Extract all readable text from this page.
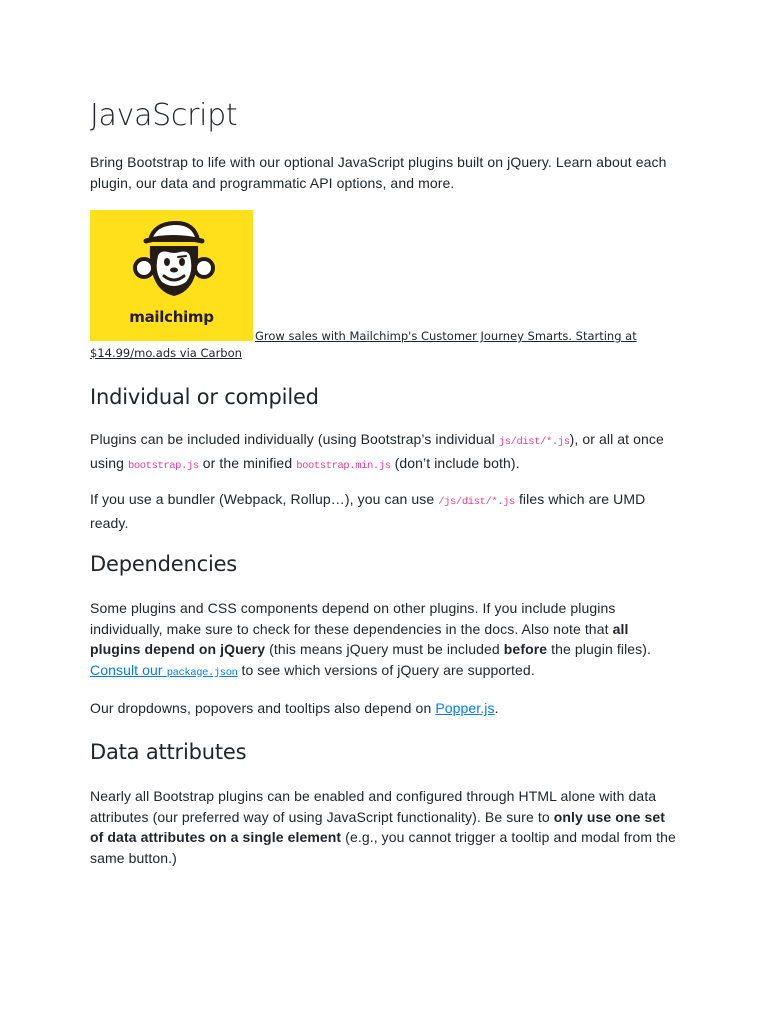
JavaScript

Bring Bootstrap to life with our optional JavaScript plugins built on jQuery. Learn about each plugin, our data and programmatic API options, and more.

mailchimp
Grow sales with Mailchimp's Customer Journey Smarts. Starting at
$14.99/mo.ads via Carbon
Individual or compiled

Plugins can be included individually (using Bootstrap’s individual js/dist/*.js), or all at once using bootstrap.js or the minified bootstrap.min.js (don’t include both).

If you use a bundler (Webpack, Rollup…), you can use /js/dist/*.js files which are UMD ready.

Dependencies

Some plugins and CSS components depend on other plugins. If you include plugins individually, make sure to check for these dependencies in the docs. Also note that all plugins depend on jQuery (this means jQuery must be included before the plugin files). Consult our package.json to see which versions of jQuery are supported.

Our dropdowns, popovers and tooltips also depend on Popper.js.

Data attributes

Nearly all Bootstrap plugins can be enabled and configured through HTML alone with data attributes (our preferred way of using JavaScript functionality). Be sure to only use one set of data attributes on a single element (e.g., you cannot trigger a tooltip and modal from the same button.)
